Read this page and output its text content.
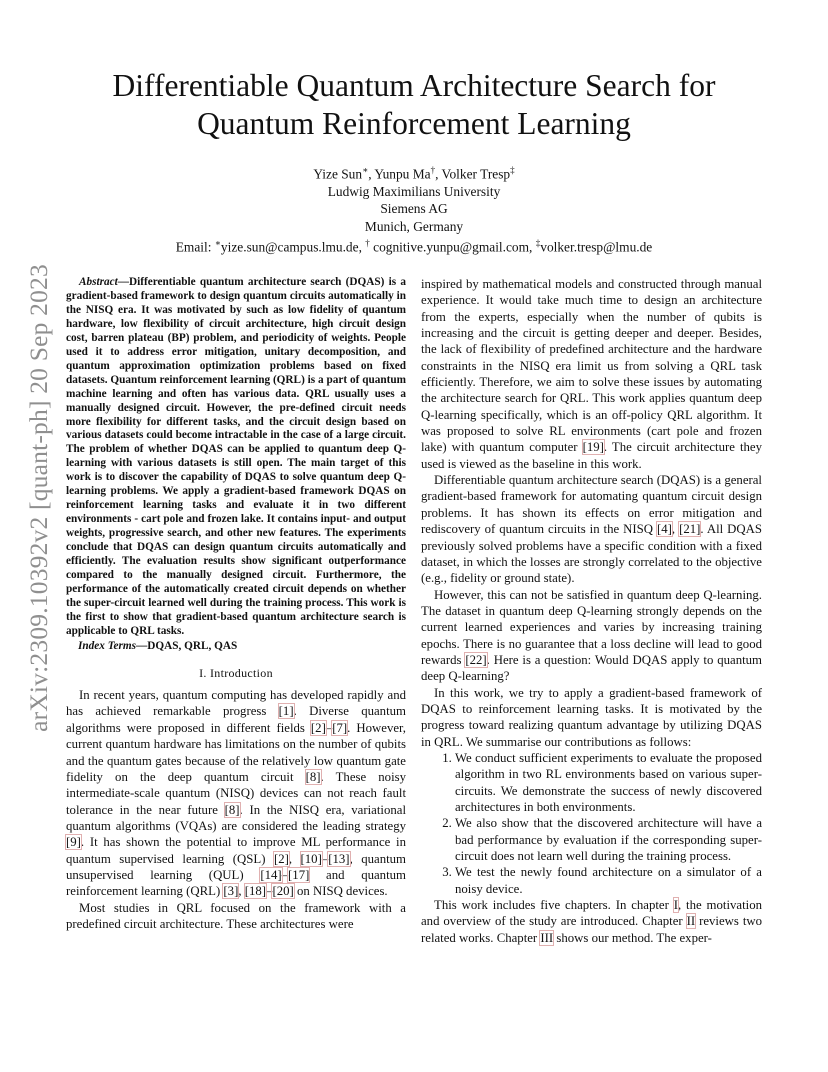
arXiv:2309.10392v2 [quant-ph] 20 Sep 2023
Differentiable Quantum Architecture Search for
Quantum Reinforcement Learning
Yize Sun∗, Yunpu Ma†, Volker Tresp‡
Ludwig Maximilians University
Siemens AG
Munich, Germany
Email: ∗yize.sun@campus.lmu.de, † cognitive.yunpu@gmail.com, ‡volker.tresp@lmu.de

Abstract—Differentiable quantum architecture search (DQAS) is a gradient-based framework to design quantum circuits automatically in the NISQ era. It was motivated by such as low fidelity of quantum hardware, low flexibility of circuit architecture, high circuit design cost, barren plateau (BP) problem, and periodicity of weights. People used it to address error mitigation, unitary decomposition, and quantum approximation optimization problems based on fixed datasets. Quantum reinforcement learning (QRL) is a part of quantum machine learning and often has various data. QRL usually uses a manually designed circuit. However, the pre-defined circuit needs more flexibility for different tasks, and the circuit design based on various datasets could become intractable in the case of a large circuit. The problem of whether DQAS can be applied to quantum deep Q-learning with various datasets is still open. The main target of this work is to discover the capability of DQAS to solve quantum deep Q-learning problems. We apply a gradient-based framework DQAS on reinforcement learning tasks and evaluate it in two different environments - cart pole and frozen lake. It contains input- and output weights, progressive search, and other new features. The experiments conclude that DQAS can design quantum circuits automatically and efficiently. The evaluation results show significant outperformance compared to the manually designed circuit. Furthermore, the performance of the automatically created circuit depends on whether the super-circuit learned well during the training process. This work is the first to show that gradient-based quantum architecture search is applicable to QRL tasks.

Index Terms—DQAS, QRL, QAS
I. Introduction

In recent years, quantum computing has developed rapidly and has achieved remarkable progress [1]. Diverse quantum algorithms were proposed in different fields [2]–[7]. However, current quantum hardware has limitations on the number of qubits and the quantum gates because of the relatively low quantum gate fidelity on the deep quantum circuit [8]. These noisy intermediate-scale quantum (NISQ) devices can not reach fault tolerance in the near future [8]. In the NISQ era, variational quantum algorithms (VQAs) are considered the leading strategy [9]. It has shown the potential to improve ML performance in quantum supervised learning (QSL) [2], [10]–[13], quantum unsupervised learning (QUL) [14]–[17] and quantum reinforcement learning (QRL) [3], [18]–[20] on NISQ devices.

Most studies in QRL focused on the framework with a predefined circuit architecture. These architectures were

inspired by mathematical models and constructed through manual experience. It would take much time to design an architecture from the experts, especially when the number of qubits is increasing and the circuit is getting deeper and deeper. Besides, the lack of flexibility of predefined architecture and the hardware constraints in the NISQ era limit us from solving a QRL task efficiently. Therefore, we aim to solve these issues by automating the architecture search for QRL. This work applies quantum deep Q-learning specifically, which is an off-policy QRL algorithm. It was proposed to solve RL environments (cart pole and frozen lake) with quantum computer [19]. The circuit architecture they used is viewed as the baseline in this work.

Differentiable quantum architecture search (DQAS) is a general gradient-based framework for automating quantum circuit design problems. It has shown its effects on error mitigation and rediscovery of quantum circuits in the NISQ [4], [21]. All DQAS previously solved problems have a specific condition with a fixed dataset, in which the losses are strongly correlated to the objective (e.g., fidelity or ground state).

However, this can not be satisfied in quantum deep Q-learning. The dataset in quantum deep Q-learning strongly depends on the current learned experiences and varies by increasing training epochs. There is no guarantee that a loss decline will lead to good rewards [22]. Here is a question: Would DQAS apply to quantum deep Q-learning?

In this work, we try to apply a gradient-based framework of DQAS to reinforcement learning tasks. It is motivated by the progress toward realizing quantum advantage by utilizing DQAS in QRL. We summarise our contributions as follows:

1. We conduct sufficient experiments to evaluate the proposed algorithm in two RL environments based on various super-circuits. We demonstrate the success of newly discovered architectures in both environments.
2. We also show that the discovered architecture will have a bad performance by evaluation if the corresponding super-circuit does not learn well during the training process.
3. We test the newly found architecture on a simulator of a noisy device.

This work includes five chapters. In chapter I, the motivation and overview of the study are introduced. Chapter II reviews two related works. Chapter III shows our method. The exper-
